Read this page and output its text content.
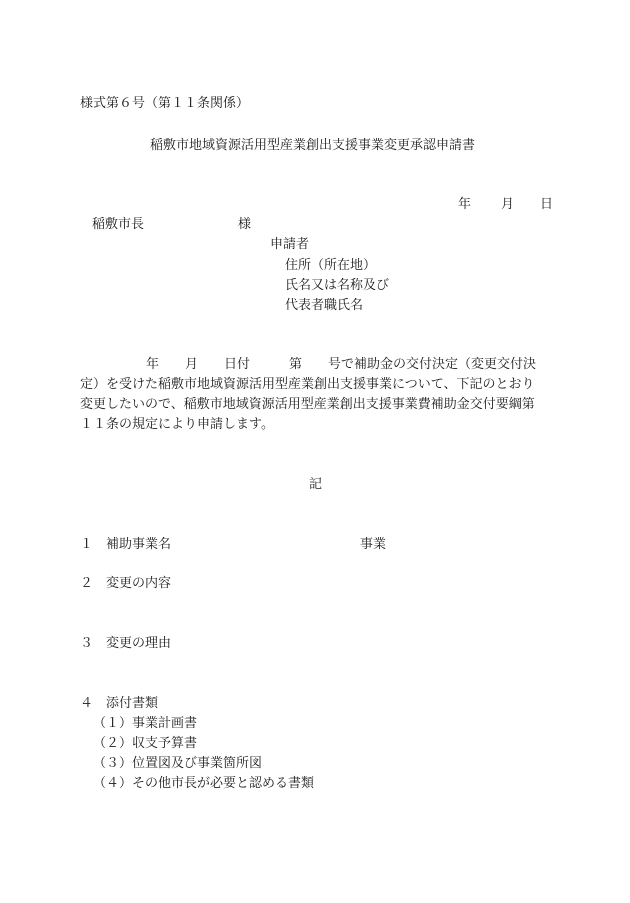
様式第６号（第１１条関係）
稲敷市地域資源活用型産業創出支援事業変更承認申請書
年 月 日
稲敷市長	様
申請者
住所（所在地）
氏名又は名称及び
代表者職氏名
年　　月　　日付　　　第　　号で補助金の交付決定（変更交付決
定）を受けた稲敷市地域資源活用型産業創出支援事業について、下記のとおり
変更したいので、稲敷市地域資源活用型産業創出支援事業費補助金交付要綱第
１１条の規定により申請します。
記
１ 補助事業名	事業
２ 変更の内容
３ 変更の理由
４ 添付書類
（１）事業計画書
（２）収支予算書
（３）位置図及び事業箇所図
（４）その他市長が必要と認める書類
